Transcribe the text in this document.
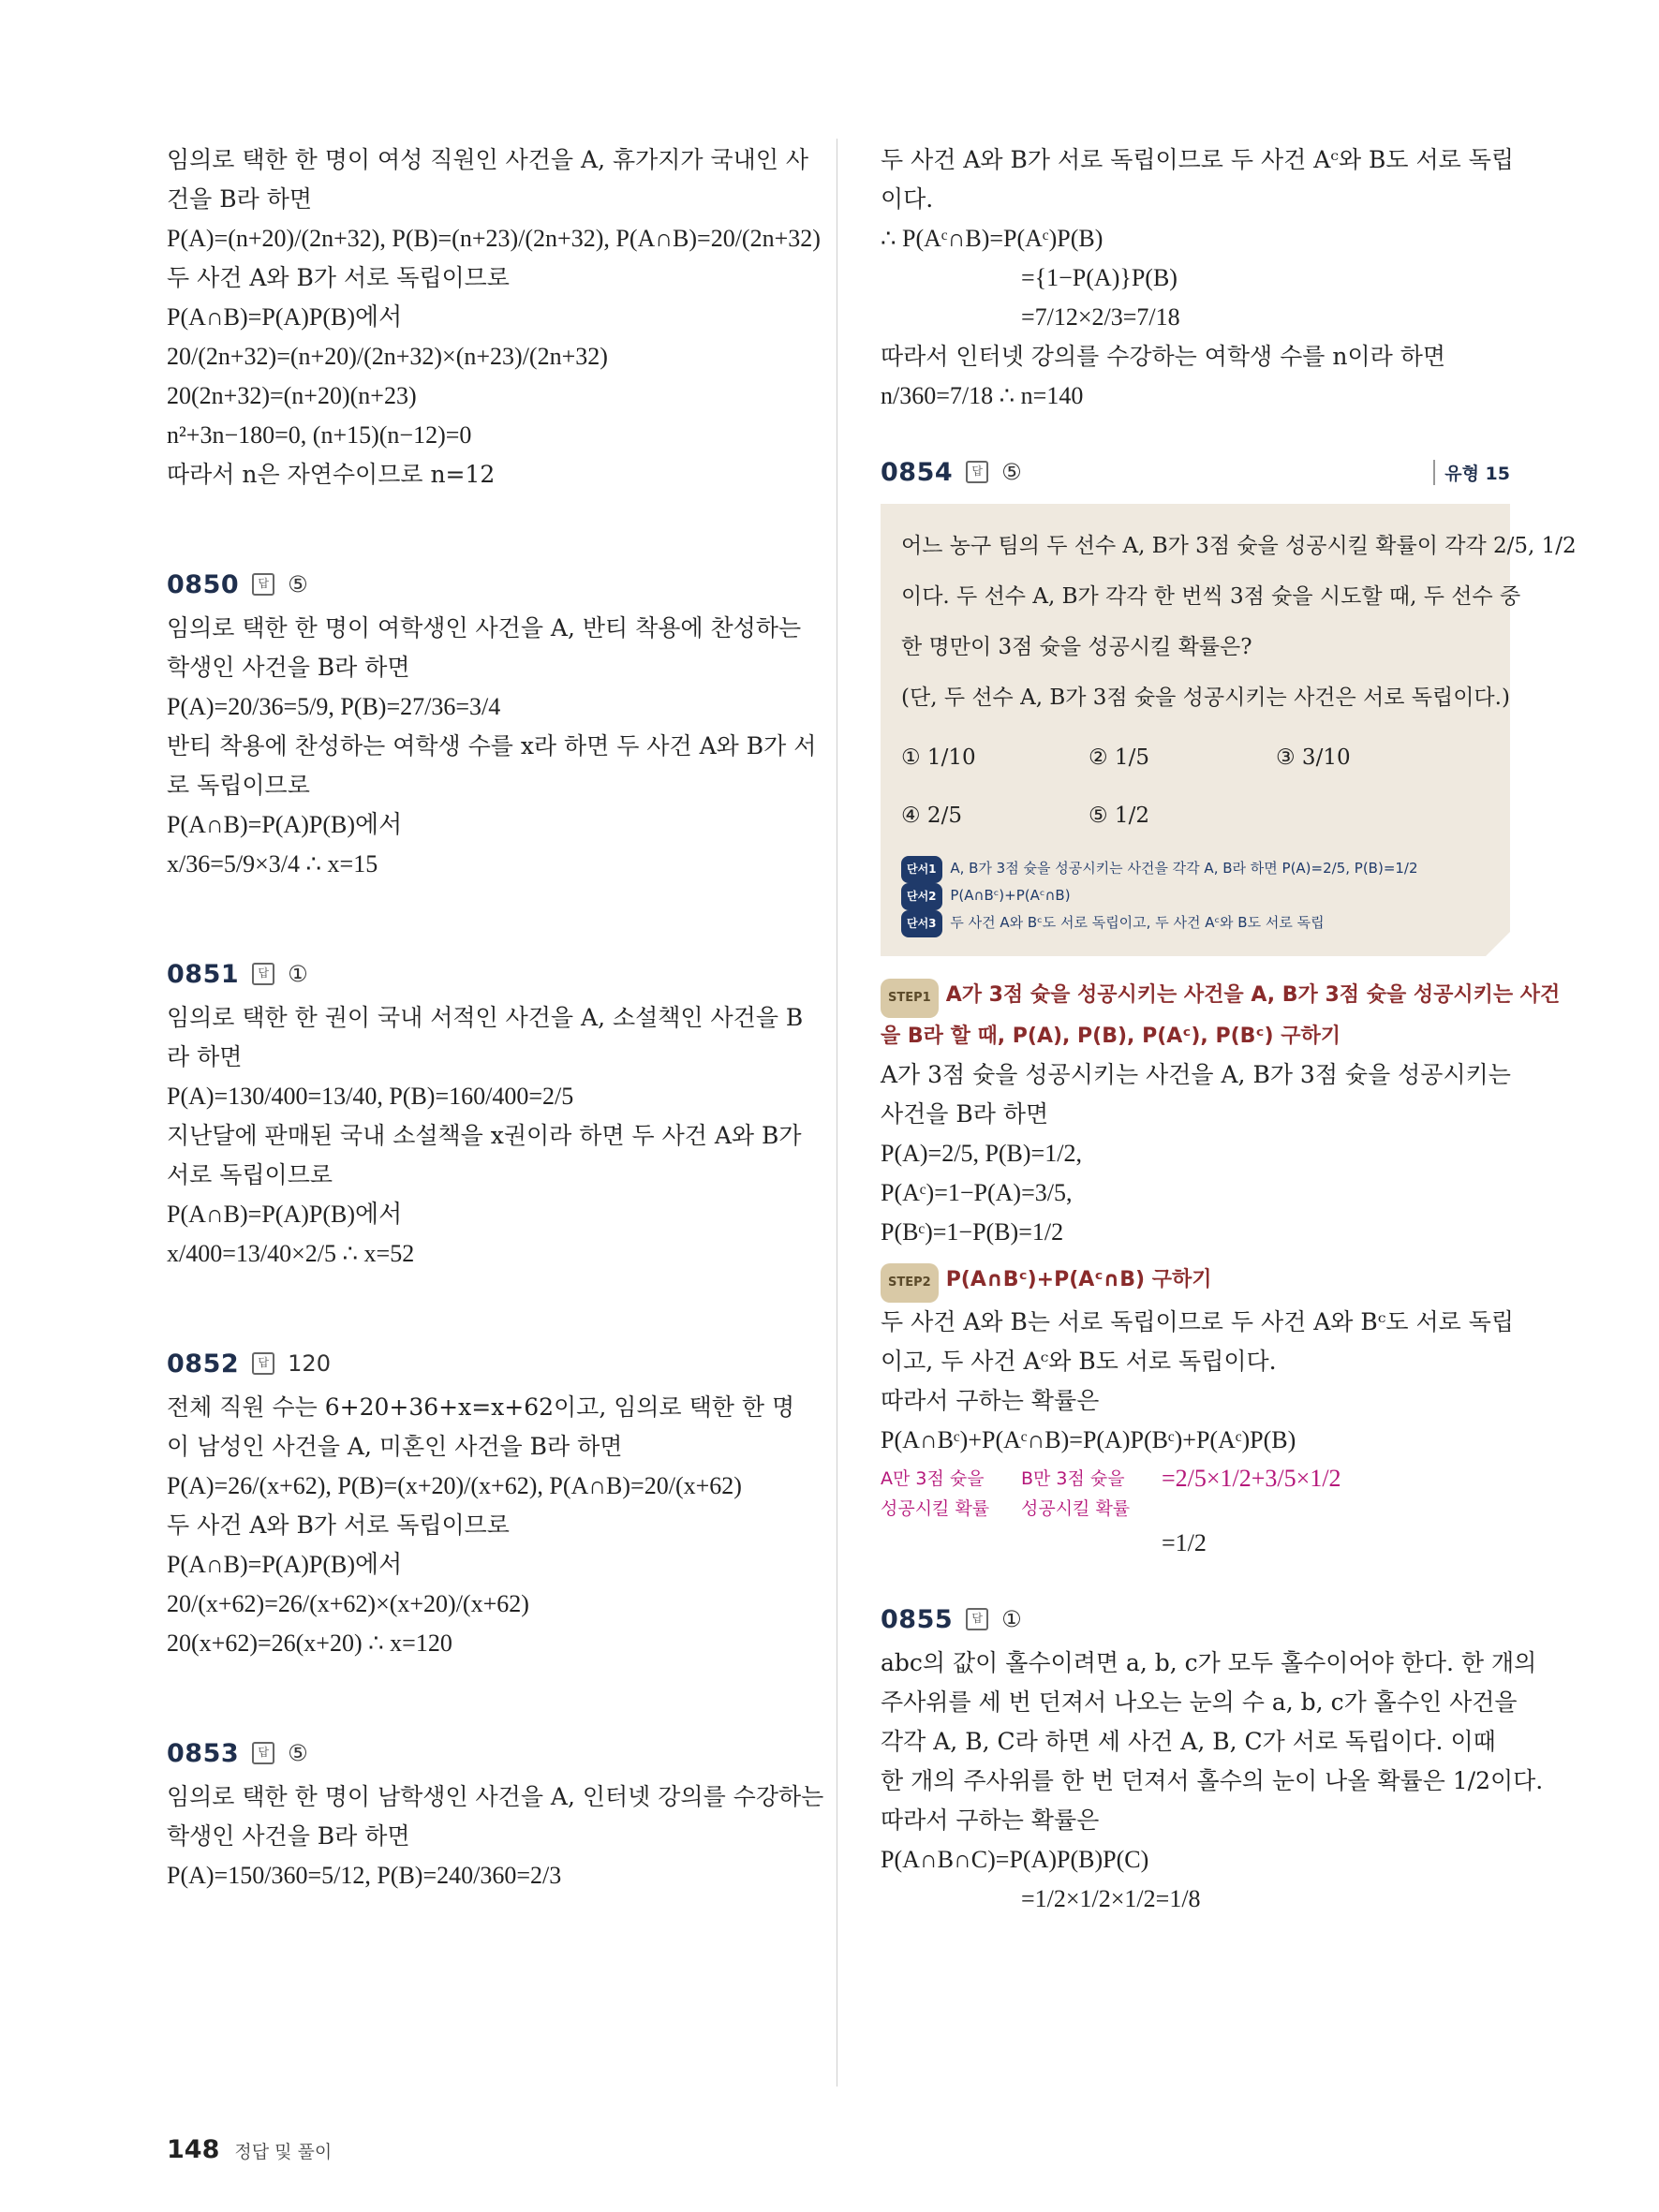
임의로 택한 한 명이 여성 직원인 사건을 A, 휴가지가 국내인 사
건을 B라 하면
P(A)=(n+20)/(2n+32), P(B)=(n+23)/(2n+32), P(A∩B)=20/(2n+32)
두 사건 A와 B가 서로 독립이므로
P(A∩B)=P(A)P(B)에서
20/(2n+32)=(n+20)/(2n+32)×(n+23)/(2n+32)
20(2n+32)=(n+20)(n+23)
n²+3n−180=0, (n+15)(n−12)=0
따라서 n은 자연수이므로 n=12
0850	답 ⑤
임의로 택한 한 명이 여학생인 사건을 A, 반티 착용에 찬성하는
학생인 사건을 B라 하면
P(A)=20/36=5/9, P(B)=27/36=3/4
반티 착용에 찬성하는 여학생 수를 x라 하면 두 사건 A와 B가 서
로 독립이므로
P(A∩B)=P(A)P(B)에서
x/36=5/9×3/4 ∴ x=15
0851	답 ①
임의로 택한 한 권이 국내 서적인 사건을 A, 소설책인 사건을 B
라 하면
P(A)=130/400=13/40, P(B)=160/400=2/5
지난달에 판매된 국내 소설책을 x권이라 하면 두 사건 A와 B가
서로 독립이므로
P(A∩B)=P(A)P(B)에서
x/400=13/40×2/5 ∴ x=52
0852	답 120
전체 직원 수는 6+20+36+x=x+62이고, 임의로 택한 한 명
이 남성인 사건을 A, 미혼인 사건을 B라 하면
P(A)=26/(x+62), P(B)=(x+20)/(x+62), P(A∩B)=20/(x+62)
두 사건 A와 B가 서로 독립이므로
P(A∩B)=P(A)P(B)에서
20/(x+62)=26/(x+62)×(x+20)/(x+62)
20(x+62)=26(x+20) ∴ x=120
0853	답 ⑤
임의로 택한 한 명이 남학생인 사건을 A, 인터넷 강의를 수강하는
학생인 사건을 B라 하면
P(A)=150/360=5/12, P(B)=240/360=2/3
두 사건 A와 B가 서로 독립이므로 두 사건 Aᶜ와 B도 서로 독립
이다.
∴ P(Aᶜ∩B)=P(Aᶜ)P(B)
={1−P(A)}P(B)
=7/12×2/3=7/18
따라서 인터넷 강의를 수강하는 여학생 수를 n이라 하면
n/360=7/18 ∴ n=140
0854	답 ⑤	유형 15
어느 농구 팀의 두 선수 A, B가 3점 슛을 성공시킬 확률이 각각 2/5, 1/2
이다. 두 선수 A, B가 각각 한 번씩 3점 슛을 시도할 때, 두 선수 중
한 명만이 3점 슛을 성공시킬 확률은?
(단, 두 선수 A, B가 3점 슛을 성공시키는 사건은 서로 독립이다.)
① 1/10	② 1/5	③ 3/10
④ 2/5	⑤ 1/2
단서1 A, B가 3점 슛을 성공시키는 사건을 각각 A, B라 하면 P(A)=2/5, P(B)=1/2
단서2 P(A∩Bᶜ)+P(Aᶜ∩B)
단서3 두 사건 A와 Bᶜ도 서로 독립이고, 두 사건 Aᶜ와 B도 서로 독립
STEP1 A가 3점 슛을 성공시키는 사건을 A, B가 3점 슛을 성공시키는 사건
을 B라 할 때, P(A), P(B), P(Aᶜ), P(Bᶜ) 구하기
A가 3점 슛을 성공시키는 사건을 A, B가 3점 슛을 성공시키는
사건을 B라 하면
P(A)=2/5, P(B)=1/2,
P(Aᶜ)=1−P(A)=3/5,
P(Bᶜ)=1−P(B)=1/2
STEP2 P(A∩Bᶜ)+P(Aᶜ∩B) 구하기
두 사건 A와 B는 서로 독립이므로 두 사건 A와 Bᶜ도 서로 독립
이고, 두 사건 Aᶜ와 B도 서로 독립이다.
따라서 구하는 확률은
P(A∩Bᶜ)+P(Aᶜ∩B)=P(A)P(Bᶜ)+P(Aᶜ)P(B)
A만 3점 슛을 성공시킬 확률
B만 3점 슛을 성공시킬 확률
=2/5×1/2+3/5×1/2
=1/2
0855	답 ①
abc의 값이 홀수이려면 a, b, c가 모두 홀수이어야 한다. 한 개의
주사위를 세 번 던져서 나오는 눈의 수 a, b, c가 홀수인 사건을
각각 A, B, C라 하면 세 사건 A, B, C가 서로 독립이다. 이때
한 개의 주사위를 한 번 던져서 홀수의 눈이 나올 확률은 1/2이다.
따라서 구하는 확률은
P(A∩B∩C)=P(A)P(B)P(C)
=1/2×1/2×1/2=1/8
148 정답 및 풀이
